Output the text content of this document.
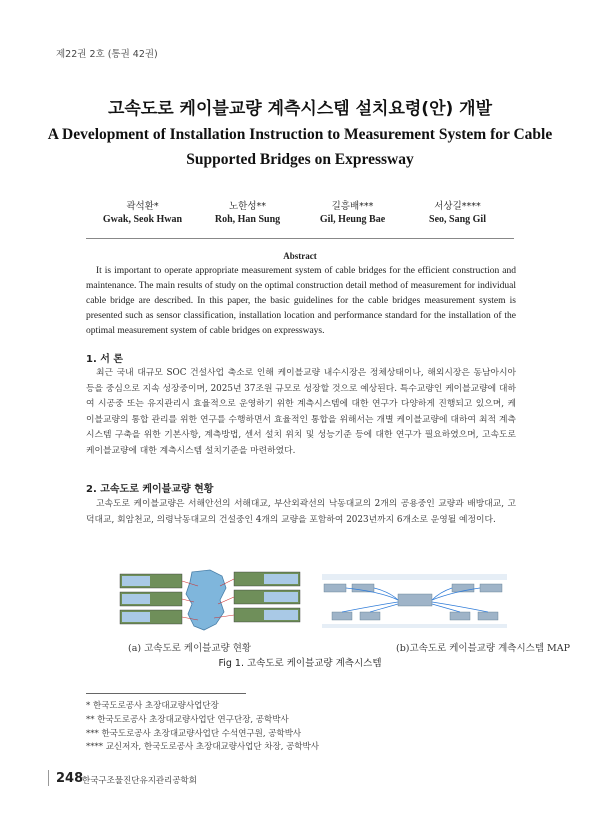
제22권 2호 (통권 42권)
고속도로 케이블교량 계측시스템 설치요령(안) 개발
A Development of Installation Instruction to Measurement System for Cable Supported Bridges on Expressway
곽석환*	노한성**	길흥배***	서상길****
Gwak, Seok Hwan	Roh, Han Sung	Gil, Heung Bae	Seo, Sang Gil
Abstract
It is important to operate appropriate measurement system of cable bridges for the efficient construction and maintenance. The main results of study on the optimal construction detail method of measurement for individual cable bridge are described. In this paper, the basic guidelines for the cable bridges measurement system is presented such as sensor classification, installation location and performance standard for the installation of the optimal measurement system of cable bridges on expressways.
1. 서 론
최근 국내 대규모 SOC 건설사업 축소로 인해 케이블교량 내수시장은 정체상태이나, 해외시장은 동남아시아 등을 중심으로 지속 성장중이며, 2025년 37조원 규모로 성장할 것으로 예상된다. 특수교량인 케이블교량에 대하여 시공중 또는 유지관리시 효율적으로 운영하기 위한 계측시스템에 대한 연구가 다양하게 진행되고 있으며, 케이블교량의 통합 관리를 위한 연구를 수행하면서 효율적인 통합을 위해서는 개별 케이블교량에 대하여 최적 계측시스템 구축을 위한 기본사항, 계측방법, 센서 설치 위치 및 성능기준 등에 대한 연구가 필요하였으며, 고속도로 케이블교량에 대한 계측시스템 설치기준을 마련하였다.
2. 고속도로 케이블교량 현황
고속도로 케이블교량은 서해안선의 서해대교, 부산외곽선의 낙동대교의 2개의 공용중인 교량과 배방대교, 고덕대교, 회암천교, 의령낙동대교의 건설중인 4개의 교량을 포함하여 2023년까지 6개소로 운영될 예정이다.
(a) 고속도로 케이블교량 현황	(b)고속도로 케이블교량 계측시스템 MAP
Fig 1. 고속도로 케이블교량 계측시스템
* 한국도로공사 초장대교량사업단장
** 한국도로공사 초장대교량사업단 연구단장, 공학박사
*** 한국도로공사 초장대교량사업단 수석연구원, 공학박사
**** 교신저자, 한국도로공사 초장대교량사업단 차장, 공학박사
248
한국구조물진단유지관리공학회
